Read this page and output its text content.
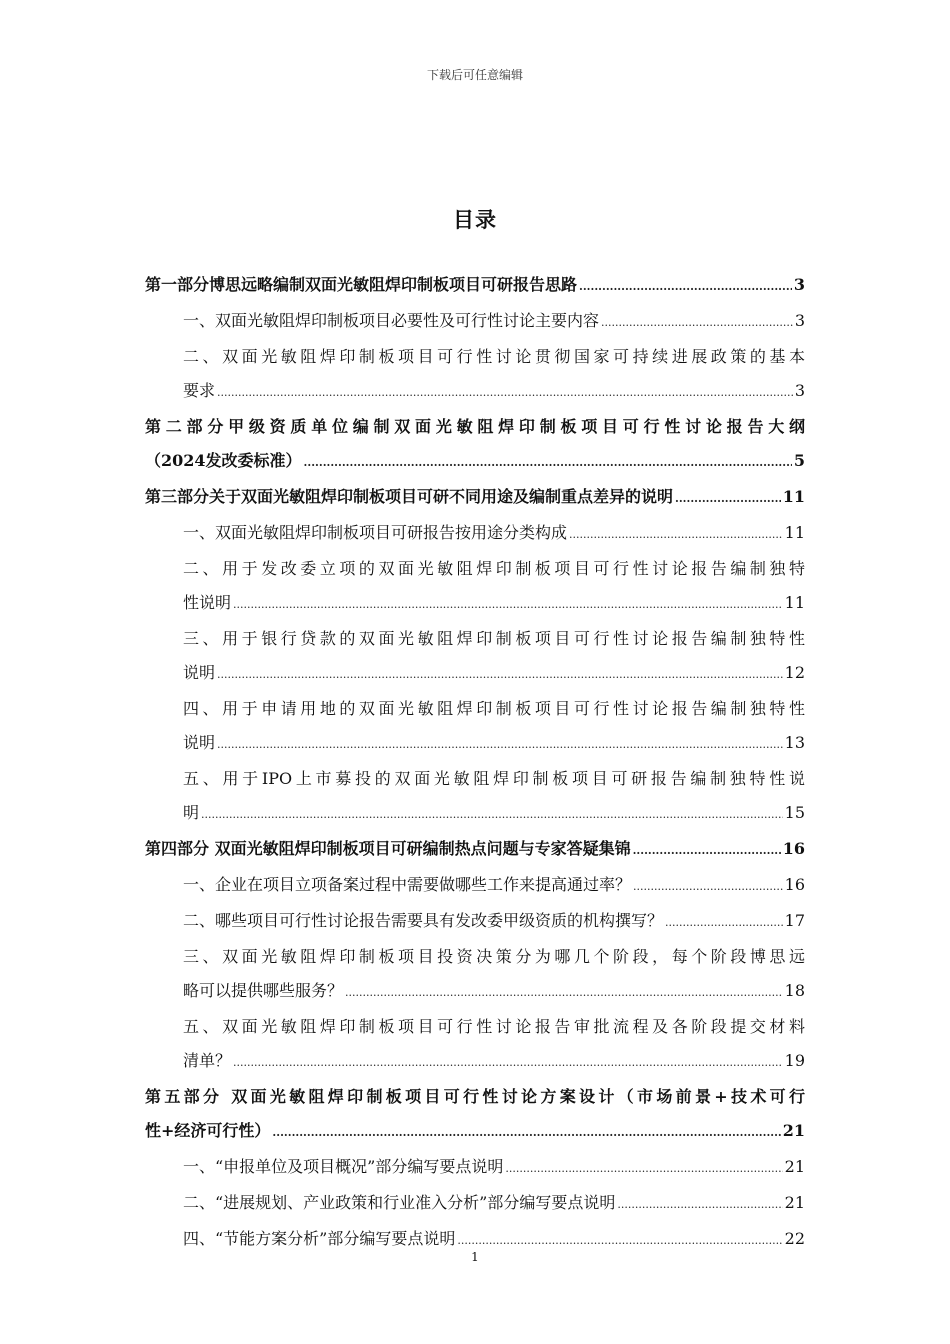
下载后可任意编辑
目录
第一部分博思远略编制双面光敏阻焊印制板项目可研报告思路 .....	3
一、双面光敏阻焊印制板项目必要性及可行性讨论主要内容 .....	3
二、双面光敏阻焊印制板项目可行性讨论贯彻国家可持续进展政策的基本
要求 .....	3
第二部分甲级资质单位编制双面光敏阻焊印制板项目可行性讨论报告大纲
（2024发改委标准） .....	5
第三部分关于双面光敏阻焊印制板项目可研不同用途及编制重点差异的说明 .....	11
一、双面光敏阻焊印制板项目可研报告按用途分类构成 .....	11
二、用于发改委立项的双面光敏阻焊印制板项目可行性讨论报告编制独特
性说明 .....	11
三、用于银行贷款的双面光敏阻焊印制板项目可行性讨论报告编制独特性
说明 .....	12
四、用于申请用地的双面光敏阻焊印制板项目可行性讨论报告编制独特性
说明 .....	13
五、用于IPO上市募投的双面光敏阻焊印制板项目可研报告编制独特性说
明 .....	15
第四部分 双面光敏阻焊印制板项目可研编制热点问题与专家答疑集锦 .....	16
一、企业在项目立项备案过程中需要做哪些工作来提高通过率？ .....	16
二、哪些项目可行性讨论报告需要具有发改委甲级资质的机构撰写？ .....	17
三、双面光敏阻焊印制板项目投资决策分为哪几个阶段，每个阶段博思远
略可以提供哪些服务？ .....	18
五、双面光敏阻焊印制板项目可行性讨论报告审批流程及各阶段提交材料
清单？ .....	19
第五部分 双面光敏阻焊印制板项目可行性讨论方案设计（市场前景+技术可行
性+经济可行性） .....	21
一、“申报单位及项目概况”部分编写要点说明 .....	21
二、“进展规划、产业政策和行业准入分析”部分编写要点说明 .....	21
四、“节能方案分析”部分编写要点说明 .....	22
1
